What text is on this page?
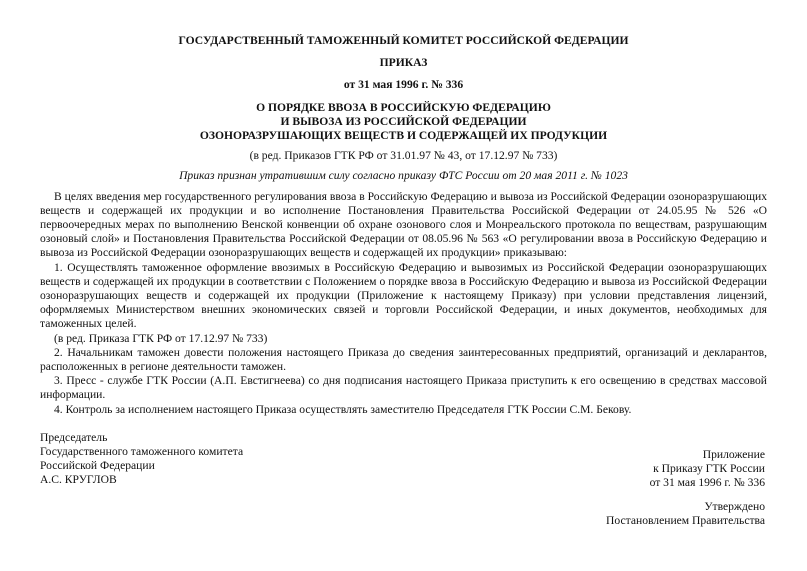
ГОСУДАРСТВЕННЫЙ ТАМОЖЕННЫЙ КОМИТЕТ РОССИЙСКОЙ ФЕДЕРАЦИИ
ПРИКАЗ
от 31 мая 1996 г. № 336
О ПОРЯДКЕ ВВОЗА В РОССИЙСКУЮ ФЕДЕРАЦИЮ
И ВЫВОЗА ИЗ РОССИЙСКОЙ ФЕДЕРАЦИИ
ОЗОНОРАЗРУШАЮЩИХ ВЕЩЕСТВ И СОДЕРЖАЩЕЙ ИХ ПРОДУКЦИИ
(в ред. Приказов ГТК РФ от 31.01.97 № 43, от 17.12.97 № 733)
Приказ признан утратившим силу согласно приказу ФТС России от 20 мая 2011 г. № 1023

В целях введения мер государственного регулирования ввоза в Российскую Федерацию и вывоза из Российской Федерации озоноразрушающих веществ и содержащей их продукции и во исполнение Постановления Правительства Российской Федерации от 24.05.95 № 526 «О первоочередных мерах по выполнению Венской конвенции об охране озонового слоя и Монреальского протокола по веществам, разрушающим озоновый слой» и Постановления Правительства Российской Федерации от 08.05.96 № 563 «О регулировании ввоза в Российскую Федерацию и вывоза из Российской Федерации озоноразрушающих веществ и содержащей их продукции» приказываю:

1. Осуществлять таможенное оформление ввозимых в Российскую Федерацию и вывозимых из Российской Федерации озоноразрушающих веществ и содержащей их продукции в соответствии с Положением о порядке ввоза в Российскую Федерацию и вывоза из Российской Федерации озоноразрушающих веществ и содержащей их продукции (Приложение к настоящему Приказу) при условии представления лицензий, оформляемых Министерством внешних экономических связей и торговли Российской Федерации, и иных документов, необходимых для таможенных целей.

(в ред. Приказа ГТК РФ от 17.12.97 № 733)

2. Начальникам таможен довести положения настоящего Приказа до сведения заинтересованных предприятий, организаций и декларантов, расположенных в регионе деятельности таможен.

3. Пресс - службе ГТК России (А.П. Евстигнеева) со дня подписания настоящего Приказа приступить к его освещению в средствах массовой информации.

4. Контроль за исполнением настоящего Приказа осуществлять заместителю Председателя ГТК России С.М. Бекову.

Председатель
Государственного таможенного комитета
Российской Федерации
А.С. КРУГЛОВ
Приложение
к Приказу ГТК России
от 31 мая 1996 г. № 336
Утверждено
Постановлением Правительства
